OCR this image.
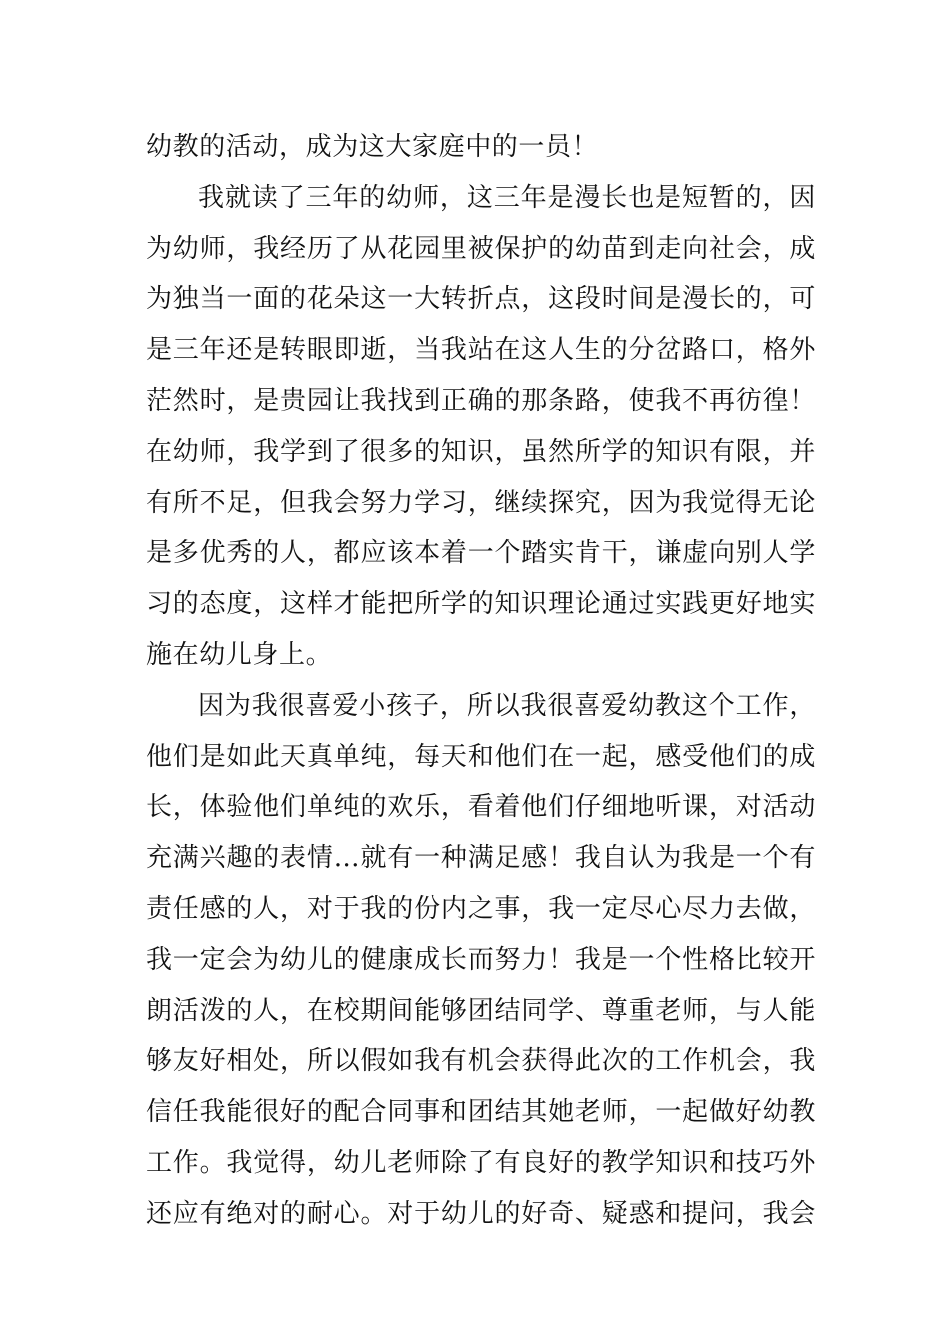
幼教的活动，成为这大家庭中的一员！
我就读了三年的幼师，这三年是漫长也是短暂的，因
为幼师，我经历了从花园里被保护的幼苗到走向社会，成
为独当一面的花朵这一大转折点，这段时间是漫长的，可
是三年还是转眼即逝，当我站在这人生的分岔路口，格外
茫然时，是贵园让我找到正确的那条路，使我不再彷徨！
在幼师，我学到了很多的知识，虽然所学的知识有限，并
有所不足，但我会努力学习，继续探究，因为我觉得无论
是多优秀的人，都应该本着一个踏实肯干，谦虚向别人学
习的态度，这样才能把所学的知识理论通过实践更好地实
施在幼儿身上。
因为我很喜爱小孩子，所以我很喜爱幼教这个工作，
他们是如此天真单纯，每天和他们在一起，感受他们的成
长，体验他们单纯的欢乐，看着他们仔细地听课，对活动
充满兴趣的表情…就有一种满足感！我自认为我是一个有
责任感的人，对于我的份内之事，我一定尽心尽力去做，
我一定会为幼儿的健康成长而努力！我是一个性格比较开
朗活泼的人，在校期间能够团结同学、尊重老师，与人能
够友好相处，所以假如我有机会获得此次的工作机会，我
信任我能很好的配合同事和团结其她老师，一起做好幼教
工作。我觉得，幼儿老师除了有良好的教学知识和技巧外
还应有绝对的耐心。对于幼儿的好奇、疑惑和提问，我会
